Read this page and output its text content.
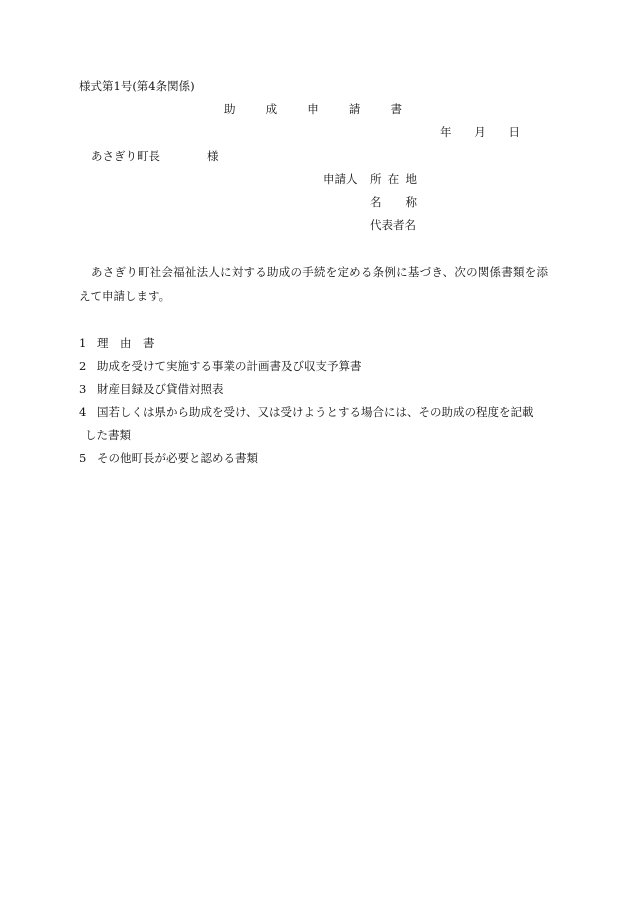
様式第1号(第4条関係)
助	成	申	請	書
年 月 日
あさぎり町長	様
申請人 所 在 地
名 称
代表者名
あさぎり町社会福祉法人に対する助成の手続を定める条例に基づき、次の関係書類を添えて申請します。
1 理　由　書
2 助成を受けて実施する事業の計画書及び収支予算書
3 財産目録及び貸借対照表
4 国若しくは県から助成を受け、又は受けようとする場合には、その助成の程度を記載
した書類
5 その他町長が必要と認める書類
